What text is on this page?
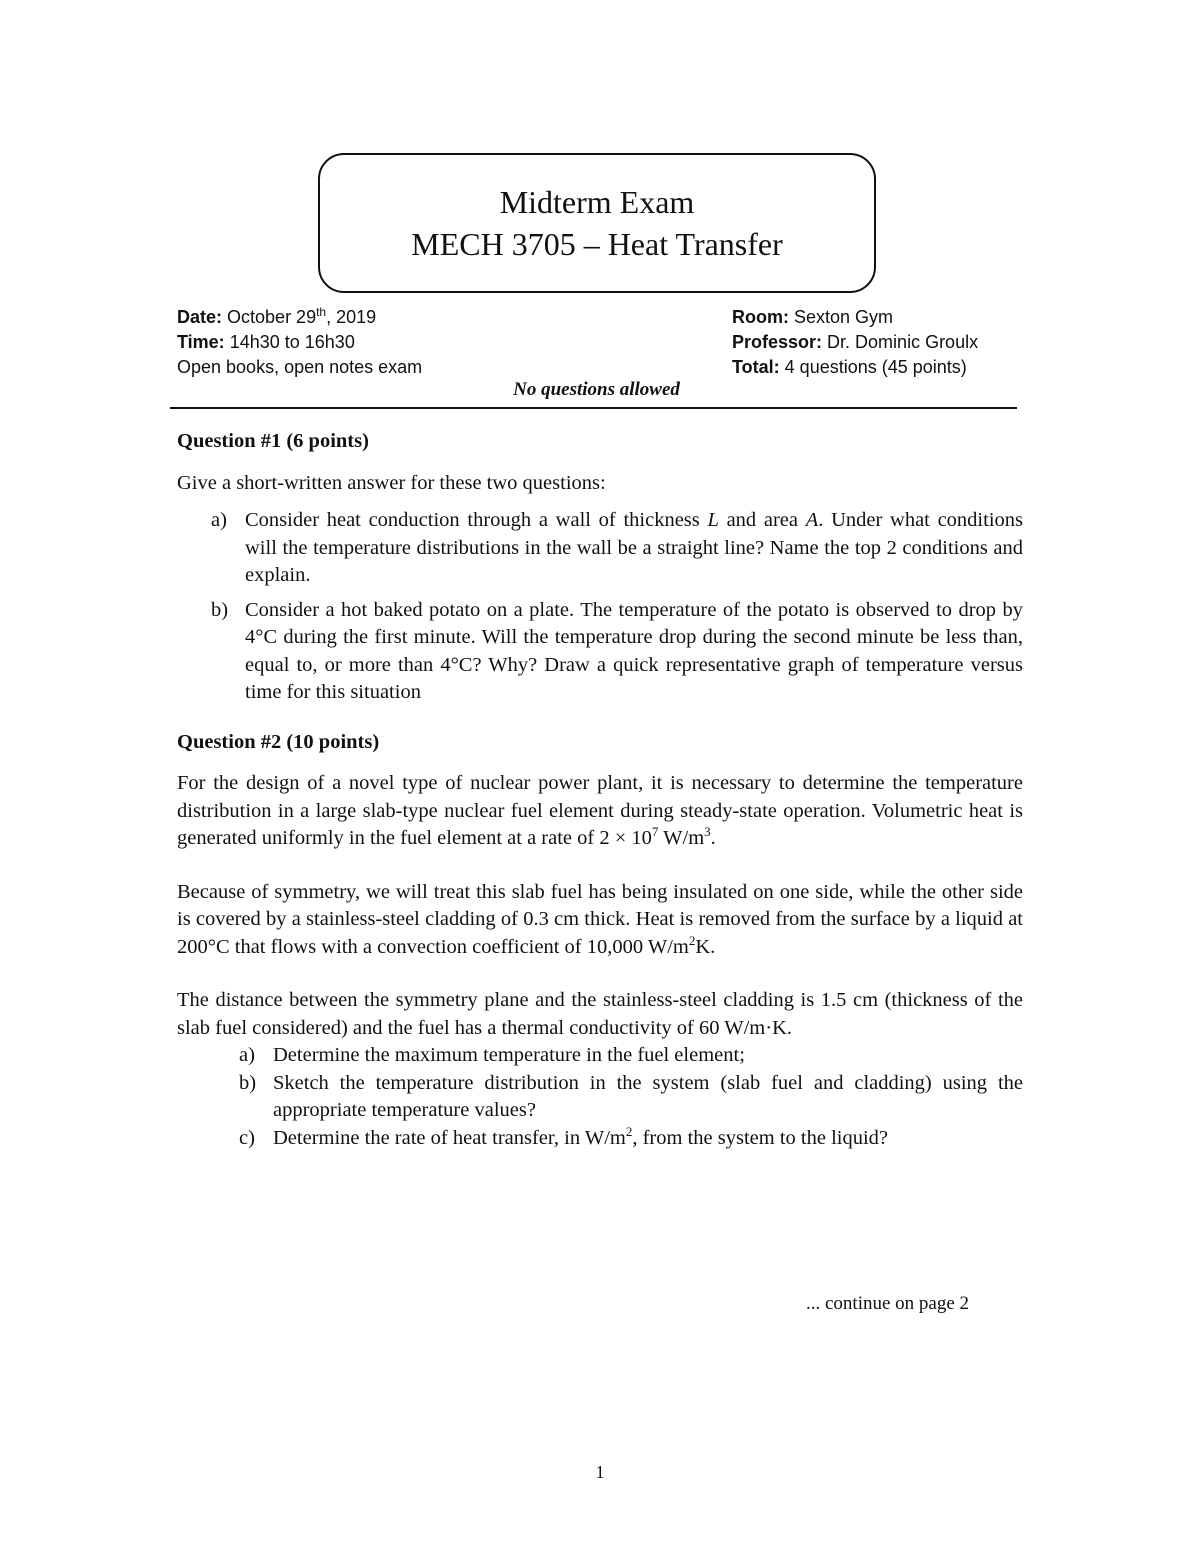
Midterm Exam
MECH 3705 – Heat Transfer
Date: October 29th, 2019
Time: 14h30 to 16h30
Open books, open notes exam
Room: Sexton Gym
Professor: Dr. Dominic Groulx
Total: 4 questions (45 points)
No questions allowed
Question #1 (6 points)
Give a short-written answer for these two questions:
a) Consider heat conduction through a wall of thickness L and area A. Under what conditions will the temperature distributions in the wall be a straight line? Name the top 2 conditions and explain.
b) Consider a hot baked potato on a plate. The temperature of the potato is observed to drop by 4°C during the first minute. Will the temperature drop during the second minute be less than, equal to, or more than 4°C? Why? Draw a quick representative graph of temperature versus time for this situation
Question #2 (10 points)
For the design of a novel type of nuclear power plant, it is necessary to determine the temperature distribution in a large slab-type nuclear fuel element during steady-state operation. Volumetric heat is generated uniformly in the fuel element at a rate of $2 \times 10^7$ $W/m^3$.
Because of symmetry, we will treat this slab fuel has being insulated on one side, while the other side is covered by a stainless-steel cladding of 0.3 cm thick. Heat is removed from the surface by a liquid at 200°C that flows with a convection coefficient of 10,000 $W/m^2K$.
The distance between the symmetry plane and the stainless-steel cladding is 1.5 cm (thickness of the slab fuel considered) and the fuel has a thermal conductivity of 60 W/m·K.
a) Determine the maximum temperature in the fuel element;
b) Sketch the temperature distribution in the system (slab fuel and cladding) using the appropriate temperature values?
c) Determine the rate of heat transfer, in $W/m^2$, from the system to the liquid?
... continue on page 2
1
